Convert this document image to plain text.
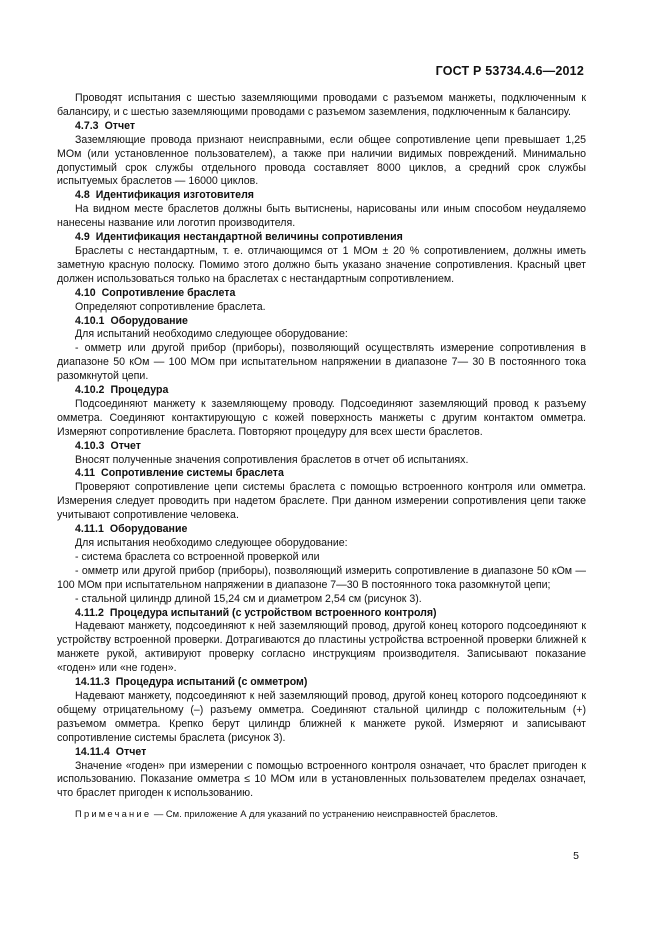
ГОСТ Р 53734.4.6—2012

Проводят испытания с шестью заземляющими проводами с разъемом манжеты, подключенным к балансиру, и с шестью заземляющими проводами с разъемом заземления, подключенным к балансиру.

4.7.3 Отчет

Заземляющие провода признают неисправными, если общее сопротивление цепи превышает 1,25 МОм (или установленное пользователем), а также при наличии видимых повреждений. Минимально допустимый срок службы отдельного провода составляет 8000 циклов, а средний срок службы испытуемых браслетов — 16000 циклов.

4.8 Идентификация изготовителя

На видном месте браслетов должны быть вытиснены, нарисованы или иным способом неудаляемо нанесены название или логотип производителя.

4.9 Идентификация нестандартной величины сопротивления

Браслеты с нестандартным, т. е. отличающимся от 1 МОм ± 20 % сопротивлением, должны иметь заметную красную полоску. Помимо этого должно быть указано значение сопротивления. Красный цвет должен использоваться только на браслетах с нестандартным сопротивлением.

4.10 Сопротивление браслета

Определяют сопротивление браслета.

4.10.1 Оборудование

Для испытаний необходимо следующее оборудование:

- омметр или другой прибор (приборы), позволяющий осуществлять измерение сопротивления в диапазоне 50 кОм — 100 МОм при испытательном напряжении в диапазоне 7— 30 В постоянного тока разомкнутой цепи.

4.10.2 Процедура

Подсоединяют манжету к заземляющему проводу. Подсоединяют заземляющий провод к разъему омметра. Соединяют контактирующую с кожей поверхность манжеты с другим контактом омметра. Измеряют сопротивление браслета. Повторяют процедуру для всех шести браслетов.

4.10.3 Отчет

Вносят полученные значения сопротивления браслетов в отчет об испытаниях.

4.11 Сопротивление системы браслета

Проверяют сопротивление цепи системы браслета с помощью встроенного контроля или омметра. Измерения следует проводить при надетом браслете. При данном измерении сопротивления цепи также учитывают сопротивление человека.

4.11.1 Оборудование

Для испытания необходимо следующее оборудование:

- система браслета со встроенной проверкой или

- омметр или другой прибор (приборы), позволяющий измерить сопротивление в диапазоне 50 кОм — 100 МОм при испытательном напряжении в диапазоне 7—30 В постоянного тока разомкнутой цепи;

- стальной цилиндр длиной 15,24 см и диаметром 2,54 см (рисунок 3).

4.11.2 Процедура испытаний (с устройством встроенного контроля)

Надевают манжету, подсоединяют к ней заземляющий провод, другой конец которого подсоединяют к устройству встроенной проверки. Дотрагиваются до пластины устройства встроенной проверки ближней к манжете рукой, активируют проверку согласно инструкциям производителя. Записывают показание «годен» или «не годен».

14.11.3 Процедура испытаний (с омметром)

Надевают манжету, подсоединяют к ней заземляющий провод, другой конец которого подсоединяют к общему отрицательному (–) разъему омметра. Соединяют стальной цилиндр с положительным (+) разъемом омметра. Крепко берут цилиндр ближней к манжете рукой. Измеряют и записывают сопротивление системы браслета (рисунок 3).

14.11.4 Отчет

Значение «годен» при измерении с помощью встроенного контроля означает, что браслет пригоден к использованию. Показание омметра ≤ 10 МОм или в установленных пользователем пределах означает, что браслет пригоден к использованию.

Примечание — См. приложение А для указаний по устранению неисправностей браслетов.
5
